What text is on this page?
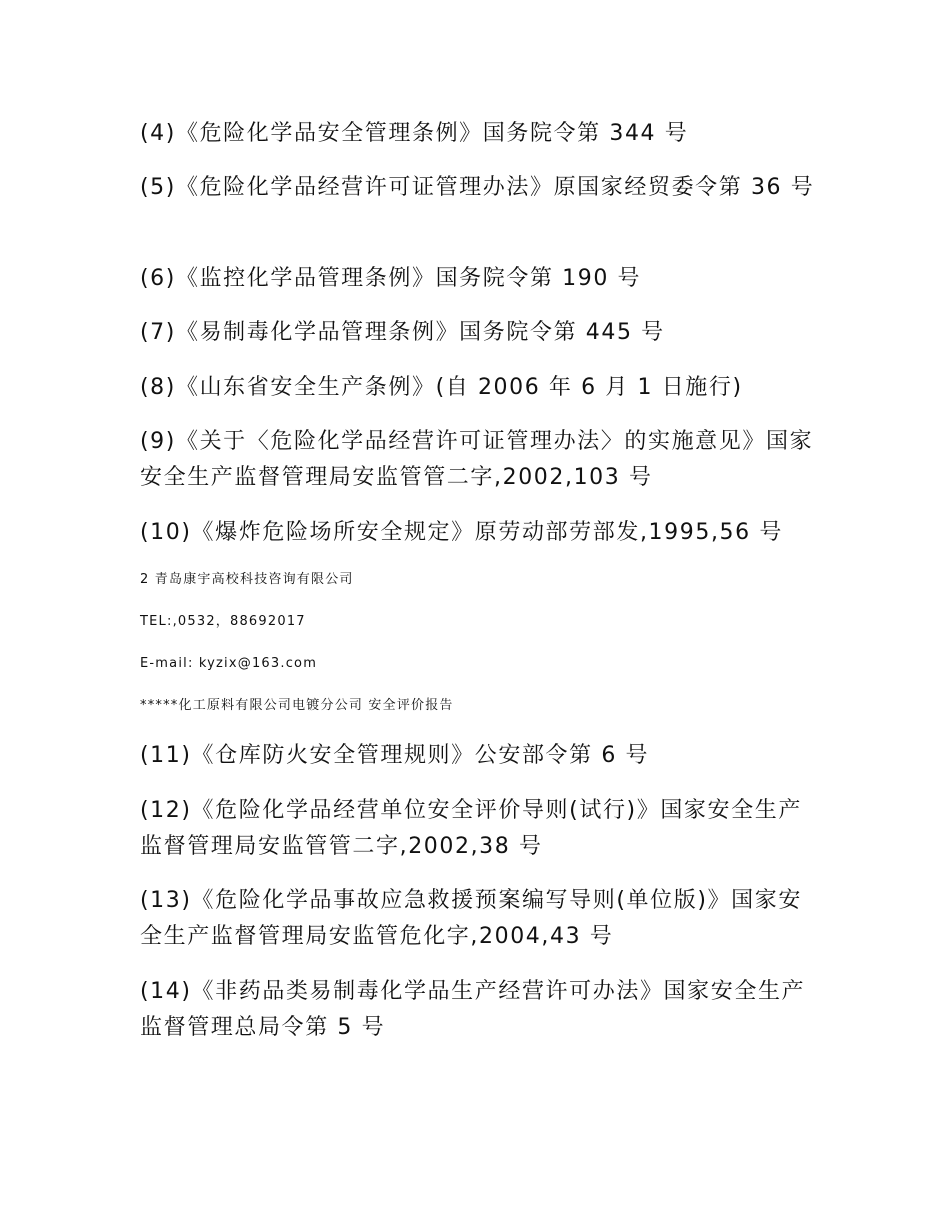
(4)《危险化学品安全管理条例》国务院令第 344 号

(5)《危险化学品经营许可证管理办法》原国家经贸委令第 36 号

(6)《监控化学品管理条例》国务院令第 190 号

(7)《易制毒化学品管理条例》国务院令第 445 号

(8)《山东省安全生产条例》(自 2006 年 6 月 1 日施行)

(9)《关于〈危险化学品经营许可证管理办法〉的实施意见》国家安全生产监督管理局安监管管二字,2002,103 号

(10)《爆炸危险场所安全规定》原劳动部劳部发,1995,56 号

2 青岛康宇高校科技咨询有限公司

TEL:,0532，88692017

E-mail: kyzix@163.com

*****化工原料有限公司电镀分公司 安全评价报告

(11)《仓库防火安全管理规则》公安部令第 6 号

(12)《危险化学品经营单位安全评价导则(试行)》国家安全生产监督管理局安监管管二字,2002,38 号

(13)《危险化学品事故应急救援预案编写导则(单位版)》国家安全生产监督管理局安监管危化字,2004,43 号

(14)《非药品类易制毒化学品生产经营许可办法》国家安全生产监督管理总局令第 5 号
